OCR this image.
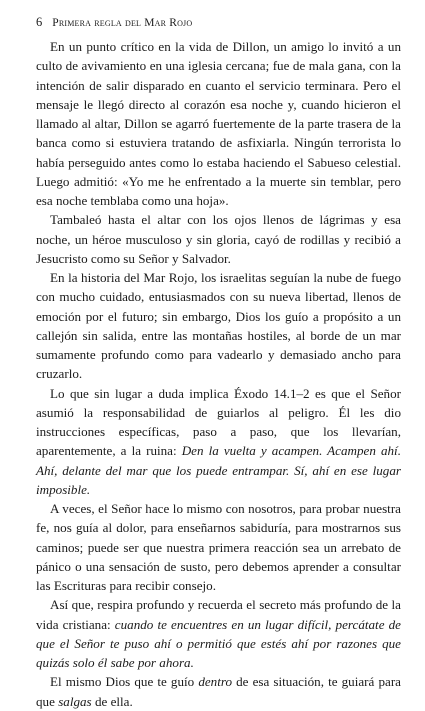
6 Primera regla del Mar Rojo

En un punto crítico en la vida de Dillon, un amigo lo invitó a un culto de avivamiento en una iglesia cercana; fue de mala gana, con la intención de salir disparado en cuanto el servicio terminara. Pero el mensaje le llegó directo al corazón esa noche y, cuando hicieron el llamado al altar, Dillon se agarró fuertemente de la parte trasera de la banca como si estuviera tratando de asfixiarla. Ningún terrorista lo había perseguido antes como lo estaba haciendo el Sabueso celestial. Luego admitió: «Yo me he enfrentado a la muerte sin temblar, pero esa noche temblaba como una hoja».

Tambaleó hasta el altar con los ojos llenos de lágrimas y esa noche, un héroe musculoso y sin gloria, cayó de rodillas y recibió a Jesucristo como su Señor y Salvador.

En la historia del Mar Rojo, los israelitas seguían la nube de fuego con mucho cuidado, entusiasmados con su nueva libertad, llenos de emoción por el futuro; sin embargo, Dios los guío a propósito a un callejón sin salida, entre las montañas hostiles, al borde de un mar sumamente profundo como para vadearlo y demasiado ancho para cruzarlo.

Lo que sin lugar a duda implica Éxodo 14.1–2 es que el Señor asumió la responsabilidad de guiarlos al peligro. Él les dio instrucciones específicas, paso a paso, que los llevarían, aparentemente, a la ruina: Den la vuelta y acampen. Acampen ahí. Ahí, delante del mar que los puede entrampar. Sí, ahí en ese lugar imposible.

A veces, el Señor hace lo mismo con nosotros, para probar nuestra fe, nos guía al dolor, para enseñarnos sabiduría, para mostrarnos sus caminos; puede ser que nuestra primera reacción sea un arrebato de pánico o una sensación de susto, pero debemos aprender a consultar las Escrituras para recibir consejo.

Así que, respira profundo y recuerda el secreto más profundo de la vida cristiana: cuando te encuentres en un lugar difícil, percátate de que el Señor te puso ahí o permitió que estés ahí por razones que quizás solo él sabe por ahora.

El mismo Dios que te guío dentro de esa situación, te guiará para que salgas de ella.
